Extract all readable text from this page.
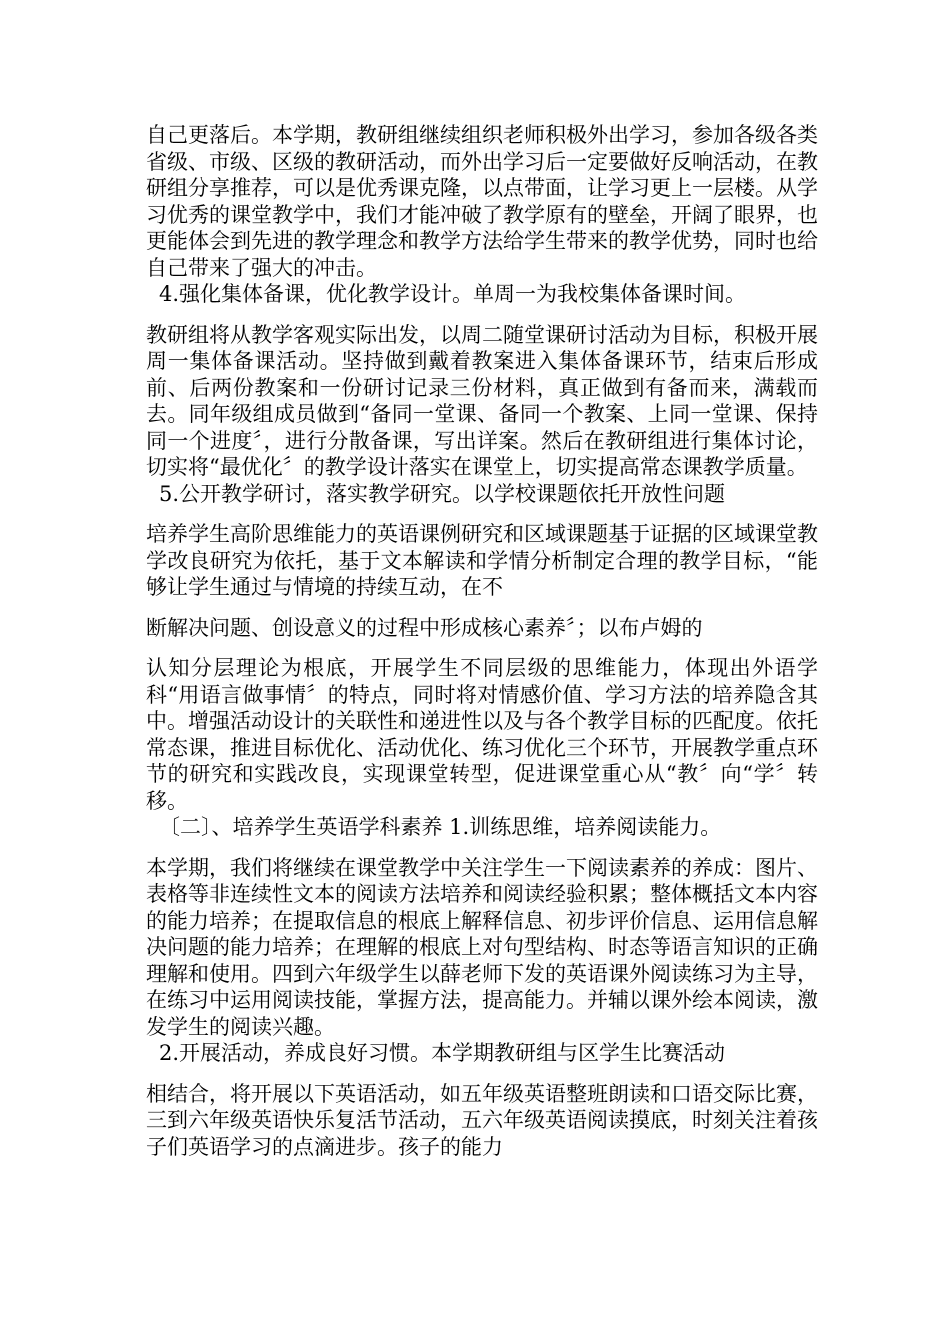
自己更落后。本学期，教研组继续组织老师积极外出学习，参加各级各类省级、市级、区级的教研活动，而外出学习后一定要做好反响活动，在教研组分享推荐，可以是优秀课克隆，以点带面，让学习更上一层楼。从学习优秀的课堂教学中，我们才能冲破了教学原有的壁垒，开阔了眼界，也更能体会到先进的教学理念和教学方法给学生带来的教学优势，同时也给自己带来了强大的冲击。

4.强化集体备课，优化教学设计。单周一为我校集体备课时间。

教研组将从教学客观实际出发，以周二随堂课研讨活动为目标，积极开展周一集体备课活动。坚持做到戴着教案进入集体备课环节，结束后形成前、后两份教案和一份研讨记录三份材料，真正做到有备而来，满载而去。同年级组成员做到“备同一堂课、备同一个教案、上同一堂课、保持同一个进度〞，进行分散备课，写出详案。然后在教研组进行集体讨论，切实将“最优化〞的教学设计落实在课堂上，切实提高常态课教学质量。

5.公开教学研讨，落实教学研究。以学校课题依托开放性问题

培养学生高阶思维能力的英语课例研究和区域课题基于证据的区域课堂教学改良研究为依托，基于文本解读和学情分析制定合理的教学目标，“能够让学生通过与情境的持续互动，在不

断解决问题、创设意义的过程中形成核心素养〞；以布卢姆的

认知分层理论为根底，开展学生不同层级的思维能力，体现出外语学科“用语言做事情〞的特点，同时将对情感价值、学习方法的培养隐含其中。增强活动设计的关联性和递进性以及与各个教学目标的匹配度。依托常态课，推进目标优化、活动优化、练习优化三个环节，开展教学重点环节的研究和实践改良，实现课堂转型，促进课堂重心从“教〞向“学〞转移。

〔二〕、培养学生英语学科素养 1.训练思维，培养阅读能力。

本学期，我们将继续在课堂教学中关注学生一下阅读素养的养成：图片、表格等非连续性文本的阅读方法培养和阅读经验积累；整体概括文本内容的能力培养；在提取信息的根底上解释信息、初步评价信息、运用信息解决问题的能力培养；在理解的根底上对句型结构、时态等语言知识的正确理解和使用。四到六年级学生以薛老师下发的英语课外阅读练习为主导，在练习中运用阅读技能，掌握方法，提高能力。并辅以课外绘本阅读，激发学生的阅读兴趣。

2.开展活动，养成良好习惯。本学期教研组与区学生比赛活动

相结合，将开展以下英语活动，如五年级英语整班朗读和口语交际比赛，三到六年级英语快乐复活节活动，五六年级英语阅读摸底，时刻关注着孩子们英语学习的点滴进步。孩子的能力
